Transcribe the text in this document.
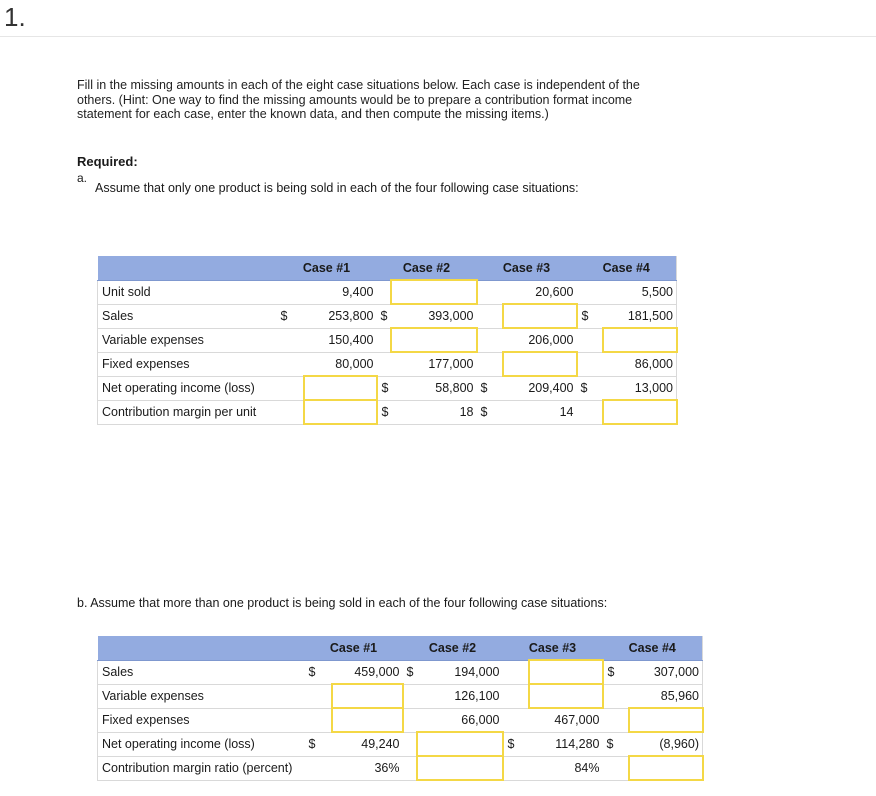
1.
Fill in the missing amounts in each of the eight case situations below. Each case is independent of the others. (Hint: One way to find the missing amounts would be to prepare a contribution format income statement for each case, enter the known data, and then compute the missing items.)
Required:
a.
Assume that only one product is being sold in each of the four following case situations:
	Case #1		Case #2		Case #3		Case #4	
Unit sold		9,400				20,600		5,500
Sales	$	253,800	$	393,000			$	181,500
Variable expenses		150,400				206,000		
Fixed expenses		80,000		177,000				86,000
Net operating income (loss)			$	58,800	$	209,400	$	13,000
Contribution margin per unit			$	18	$	14		
b. Assume that more than one product is being sold in each of the four following case situations:
	Case #1		Case #2		Case #3		Case #4	
Sales	$	459,000	$	194,000			$	307,000
Variable expenses				126,100				85,960
Fixed expenses				66,000		467,000		
Net operating income (loss)	$	49,240			$	114,280	$	(8,960)
Contribution margin ratio (percent)		36%				84%		
